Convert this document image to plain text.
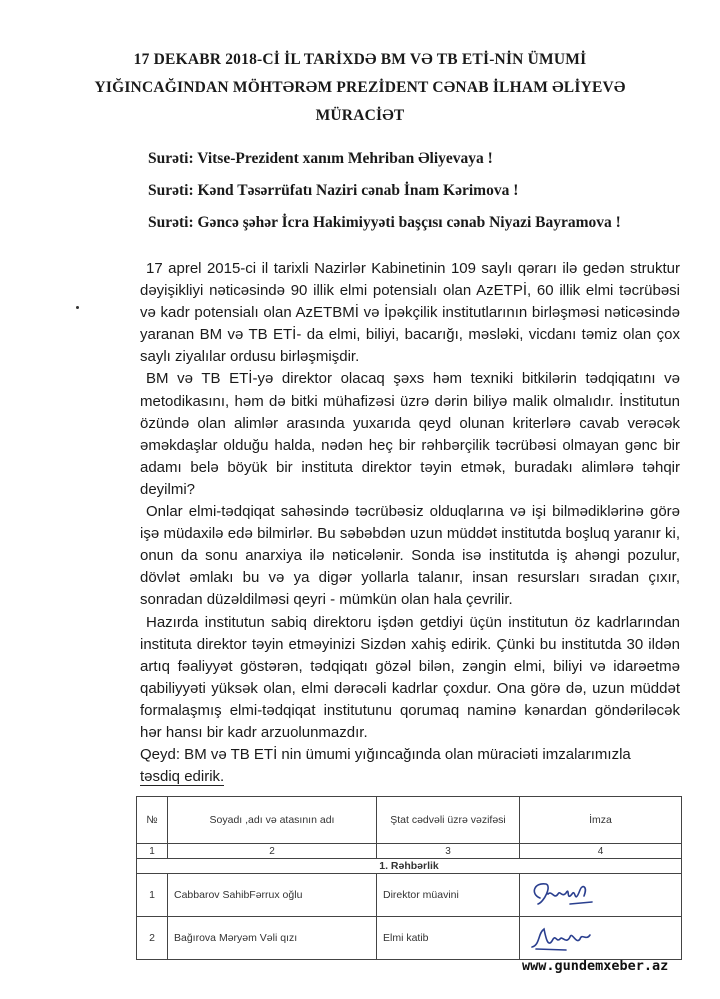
17 DEKABR 2018-Cİ İL TARİXDƏ BM VƏ TB ETİ-NİN ÜMUMİ
YIĞINCAĞINDAN MÖHTƏRƏM PREZİDENT CƏNAB İLHAM ƏLİYEVƏ
MÜRACİƏT
Surəti: Vitse-Prezident xanım Mehriban Əliyevaya !
Surəti: Kənd Təsərrüfatı Naziri cənab İnam Kərimova !
Surəti: Gəncə şəhər İcra Hakimiyyəti başçısı cənab Niyazi Bayramova !

17 aprel 2015-ci il tarixli Nazirlər Kabinetinin 109 saylı qərarı ilə gedən struktur dəyişikliyi nəticəsində 90 illik elmi potensialı olan AzETPİ, 60 illik elmi təcrübəsi və kadr potensialı olan AzETBMİ və İpəkçilik institutlarının birləşməsi nəticəsində yaranan BM və TB ETİ- da elmi, biliyi, bacarığı, məsləki, vicdanı təmiz olan çox saylı ziyalılar ordusu birləşmişdir.

BM və TB ETİ-yə direktor olacaq şəxs həm texniki bitkilərin tədqiqatını və metodikasını, həm də bitki mühafizəsi üzrə dərin biliyə malik olmalıdır. İnstitutun özündə olan alimlər arasında yuxarıda qeyd olunan kriterlərə cavab verəcək əməkdaşlar olduğu halda, nədən heç bir rəhbərçilik təcrübəsi olmayan gənc bir adamı belə böyük bir instituta direktor təyin etmək, buradakı alimlərə təhqir deyilmi?

Onlar elmi-tədqiqat sahəsində təcrübəsiz olduqlarına və işi bilmədiklərinə görə işə müdaxilə edə bilmirlər. Bu səbəbdən uzun müddət institutda boşluq yaranır ki, onun da sonu anarxiya ilə nəticələnir. Sonda isə institutda iş ahəngi pozulur, dövlət əmlakı bu və ya digər yollarla talanır, insan resursları sıradan çıxır, sonradan düzəldilməsi qeyri - mümkün olan hala çevrilir.

Hazırda institutun sabiq direktoru işdən getdiyi üçün institutun öz kadrlarından instituta direktor təyin etməyinizi Sizdən xahiş edirik. Çünki bu institutda 30 ildən artıq fəaliyyət göstərən, tədqiqatı gözəl bilən, zəngin elmi, biliyi və idarəetmə qabiliyyəti yüksək olan, elmi dərəcəli kadrlar çoxdur. Ona görə də, uzun müddət formalaşmış elmi-tədqiqat institutunu qorumaq naminə kənardan göndəriləcək hər hansı bir kadr arzuolunmazdır.

Qeyd: BM və TB ETİ nin ümumi yığıncağında olan müraciəti imzalarımızla
təsdiq edirik.
№	Soyadı ,adı və atasının adı	Ştat cədvəli üzrə vəzifəsi	İmza
1	2	3	4
1. Rəhbərlik			
1	Cabbarov SahibFərrux oğlu	Direktor müavini	
2	Bağırova Məryəm Vəli qızı	Elmi katib	
www.gundemxeber.az
